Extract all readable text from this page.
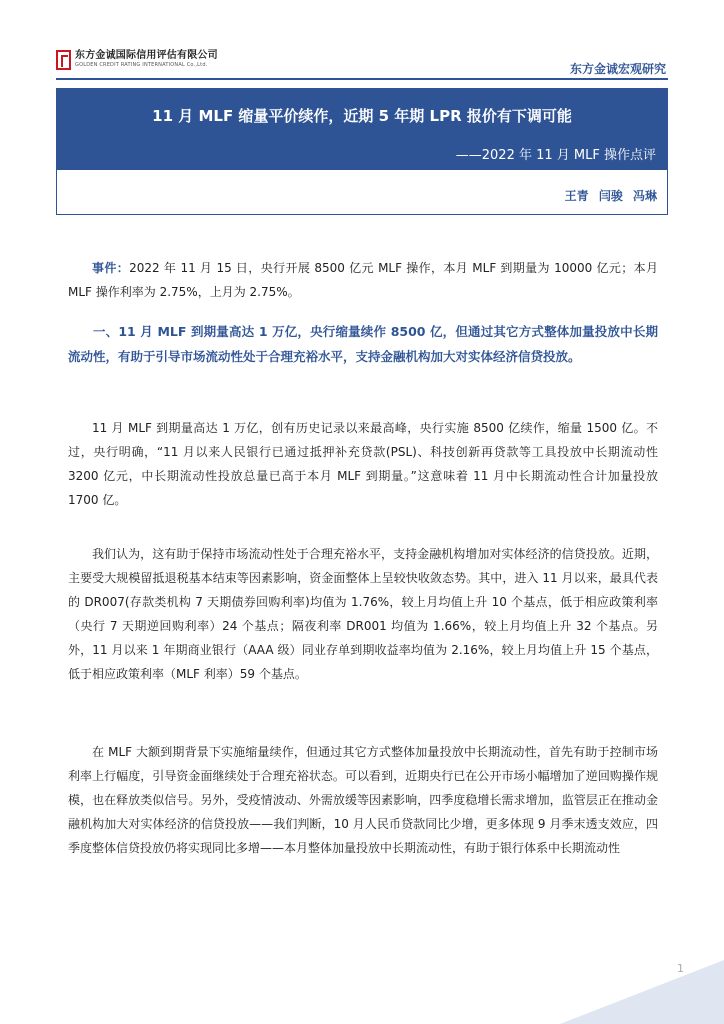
东方金诚国际信用评估有限公司
GOLDEN CREDIT RATING INTERNATIONAL Co.,Ltd.	东方金诚宏观研究
11 月 MLF 缩量平价续作，近期 5 年期 LPR 报价有下调可能
——2022 年 11 月 MLF 操作点评
王青 闫骏 冯琳

事件：2022 年 11 月 15 日，央行开展 8500 亿元 MLF 操作，本月 MLF 到期量为 10000 亿元；本月 MLF 操作利率为 2.75%，上月为 2.75%。

一、11 月 MLF 到期量高达 1 万亿，央行缩量续作 8500 亿，但通过其它方式整体加量投放中长期流动性，有助于引导市场流动性处于合理充裕水平，支持金融机构加大对实体经济信贷投放。

11 月 MLF 到期量高达 1 万亿，创有历史记录以来最高峰，央行实施 8500 亿续作，缩量 1500 亿。不过，央行明确，“11 月以来人民银行已通过抵押补充贷款(PSL)、科技创新再贷款等工具投放中长期流动性 3200 亿元，中长期流动性投放总量已高于本月 MLF 到期量。”这意味着 11 月中长期流动性合计加量投放 1700 亿。

我们认为，这有助于保持市场流动性处于合理充裕水平，支持金融机构增加对实体经济的信贷投放。近期，主要受大规模留抵退税基本结束等因素影响，资金面整体上呈较快收敛态势。其中，进入 11 月以来，最具代表的 DR007(存款类机构 7 天期债券回购利率)均值为 1.76%，较上月均值上升 10 个基点，低于相应政策利率（央行 7 天期逆回购利率）24 个基点；隔夜利率 DR001 均值为 1.66%，较上月均值上升 32 个基点。另外，11 月以来 1 年期商业银行（AAA 级）同业存单到期收益率均值为 2.16%，较上月均值上升 15 个基点，低于相应政策利率（MLF 利率）59 个基点。

在 MLF 大额到期背景下实施缩量续作，但通过其它方式整体加量投放中长期流动性，首先有助于控制市场利率上行幅度，引导资金面继续处于合理充裕状态。可以看到，近期央行已在公开市场小幅增加了逆回购操作规模，也在释放类似信号。另外，受疫情波动、外需放缓等因素影响，四季度稳增长需求增加，监管层正在推动金融机构加大对实体经济的信贷投放——我们判断，10 月人民币贷款同比少增，更多体现 9 月季末透支效应，四季度整体信贷投放仍将实现同比多增——本月整体加量投放中长期流动性，有助于银行体系中长期流动性

1
